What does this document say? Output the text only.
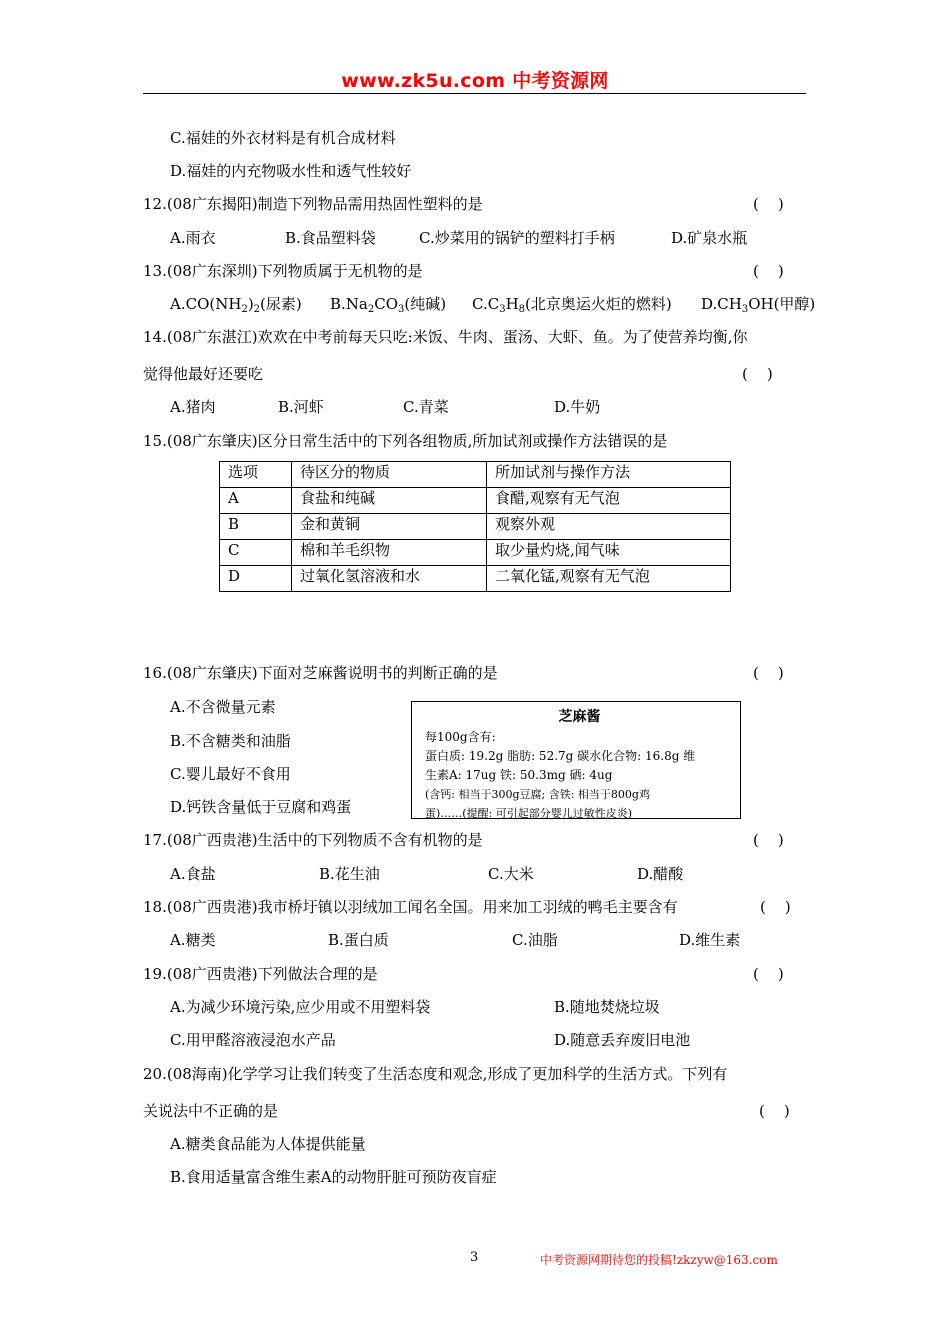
www.zk5u.com 中考资源网
C.福娃的外衣材料是有机合成材料
D.福娃的内充物吸水性和透气性较好
12.(08广东揭阳)制造下列物品需用热固性塑料的是	(    )
A.雨衣	B.食品塑料袋	C.炒菜用的锅铲的塑料打手柄	D.矿泉水瓶
13.(08广东深圳)下列物质属于无机物的是	(    )
$A.CO(NH_2)_2$(尿素) $B.Na_2CO_3$(纯碱) $C.C_3H_8$(北京奥运火炬的燃料) $D.CH_3OH$(甲醇)
14.(08广东湛江)欢欢在中考前每天只吃:米饭、牛肉、蛋汤、大虾、鱼。为了使营养均衡,你
觉得他最好还要吃	(    )
A.猪肉	B.河虾	C.青菜	D.牛奶
15.(08广东肇庆)区分日常生活中的下列各组物质,所加试剂或操作方法错误的是
选项	待区分的物质	所加试剂与操作方法
A	食盐和纯碱	食醋,观察有无气泡
B	金和黄铜	观察外观
C	棉和羊毛织物	取少量灼烧,闻气味
D	过氧化氢溶液和水	二氧化锰,观察有无气泡
16.(08广东肇庆)下面对芝麻酱说明书的判断正确的是	(    )
A.不含微量元素
B.不含糖类和油脂
C.婴儿最好不食用
D.钙铁含量低于豆腐和鸡蛋
芝麻酱
每100g含有:
蛋白质: 19.2g 脂肪: 52.7g 碳水化合物: 16.8g 维
生素A: 17ug 铁: 50.3mg 硒: 4ug
(含钙: 相当于300g豆腐; 含铁: 相当于800g鸡
蛋)……(提醒: 可引起部分婴儿过敏性皮炎)
17.(08广西贵港)生活中的下列物质不含有机物的是	(    )
A.食盐	B.花生油	C.大米	D.醋酸
18.(08广西贵港)我市桥圩镇以羽绒加工闻名全国。用来加工羽绒的鸭毛主要含有	(    )
A.糖类	B.蛋白质	C.油脂	D.维生素
19.(08广西贵港)下列做法合理的是	(    )
A.为减少环境污染,应少用或不用塑料袋	B.随地焚烧垃圾
C.用甲醛溶液浸泡水产品	D.随意丢弃废旧电池
20.(08海南)化学学习让我们转变了生活态度和观念,形成了更加科学的生活方式。下列有
关说法中不正确的是	(    )
A.糖类食品能为人体提供能量
B.食用适量富含维生素A的动物肝脏可预防夜盲症
3	中考资源网期待您的投稿!zkzyw@163.com
